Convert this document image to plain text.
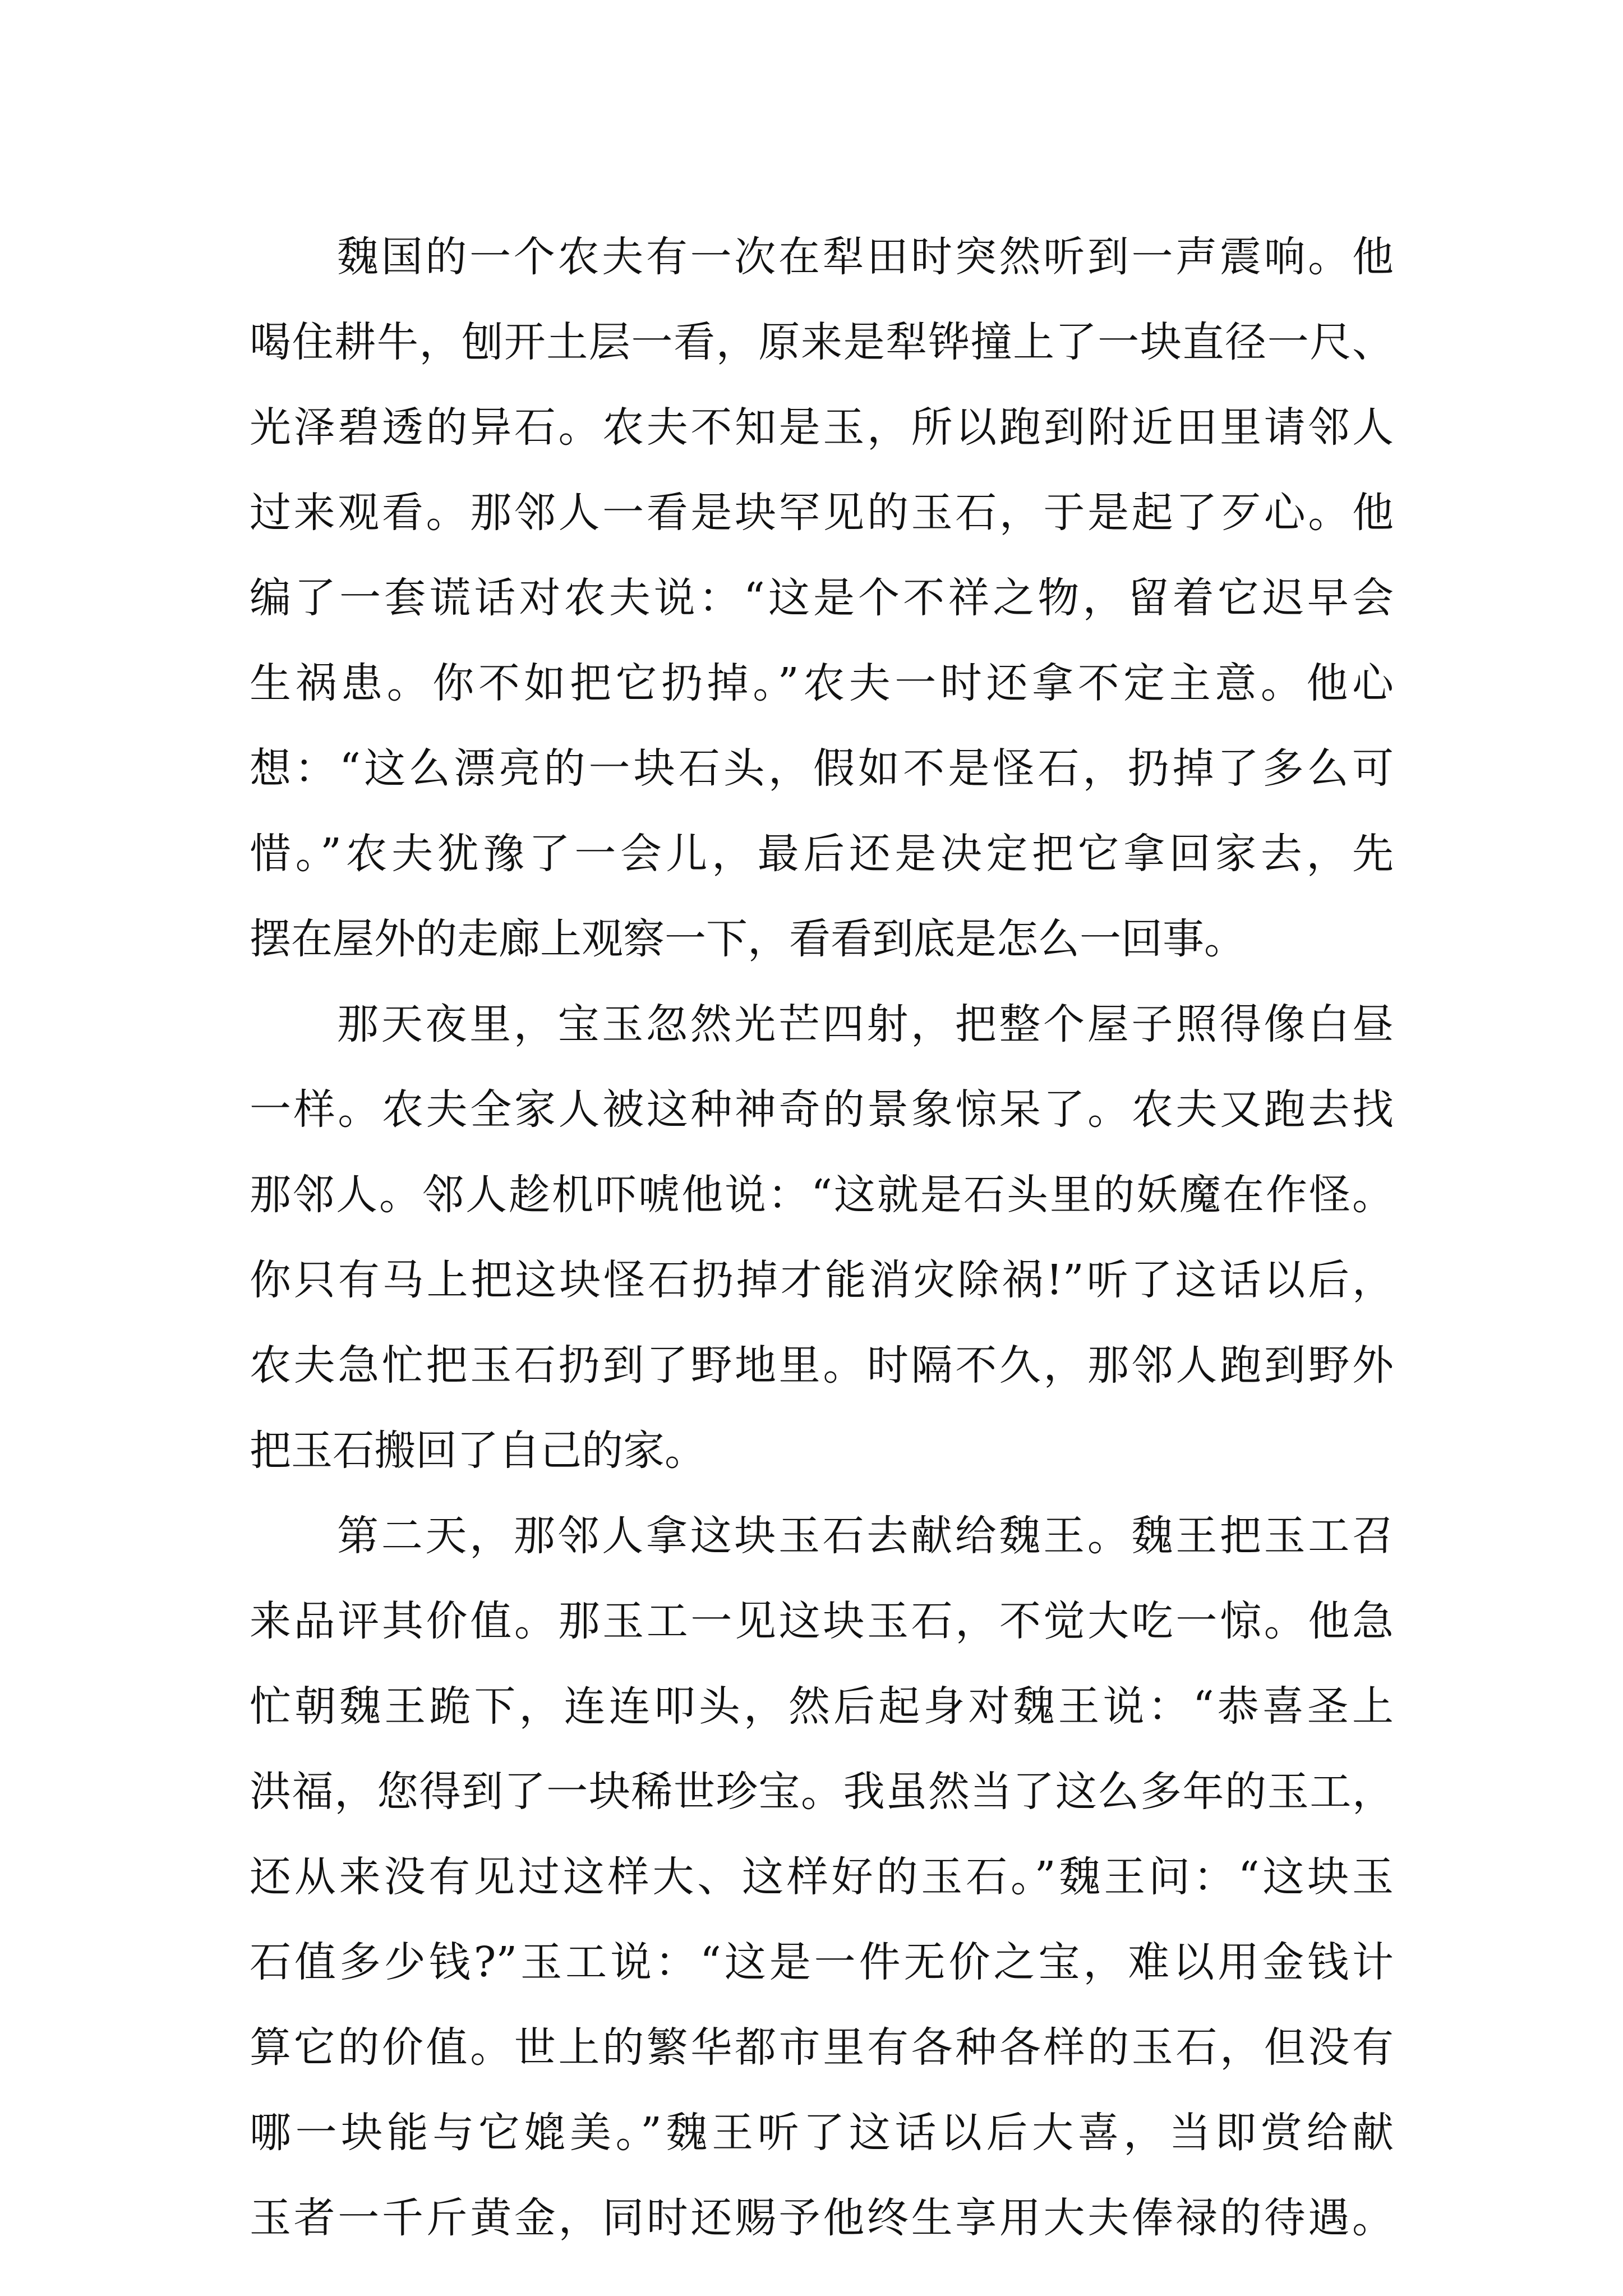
魏国的一个农夫有一次在犁田时突然听到一声震响。他
喝住耕牛，刨开土层一看，原来是犁铧撞上了一块直径一尺、
光泽碧透的异石。农夫不知是玉，所以跑到附近田里请邻人
过来观看。那邻人一看是块罕见的玉石，于是起了歹心。他
编了一套谎话对农夫说：“这是个不祥之物，留着它迟早会
生祸患。你不如把它扔掉。”农夫一时还拿不定主意。他心
想：“这么漂亮的一块石头，假如不是怪石，扔掉了多么可
惜。”农夫犹豫了一会儿，最后还是决定把它拿回家去，先
摆在屋外的走廊上观察一下，看看到底是怎么一回事。
那天夜里，宝玉忽然光芒四射，把整个屋子照得像白昼
一样。农夫全家人被这种神奇的景象惊呆了。农夫又跑去找
那邻人。邻人趁机吓唬他说：“这就是石头里的妖魔在作怪。
你只有马上把这块怪石扔掉才能消灾除祸!”听了这话以后，
农夫急忙把玉石扔到了野地里。时隔不久，那邻人跑到野外
把玉石搬回了自己的家。
第二天，那邻人拿这块玉石去献给魏王。魏王把玉工召
来品评其价值。那玉工一见这块玉石，不觉大吃一惊。他急
忙朝魏王跪下，连连叩头，然后起身对魏王说：“恭喜圣上
洪福，您得到了一块稀世珍宝。我虽然当了这么多年的玉工，
还从来没有见过这样大、这样好的玉石。”魏王问：“这块玉
石值多少钱?”玉工说：“这是一件无价之宝，难以用金钱计
算它的价值。世上的繁华都市里有各种各样的玉石，但没有
哪一块能与它媲美。”魏王听了这话以后大喜，当即赏给献
玉者一千斤黄金，同时还赐予他终生享用大夫俸禄的待遇。
